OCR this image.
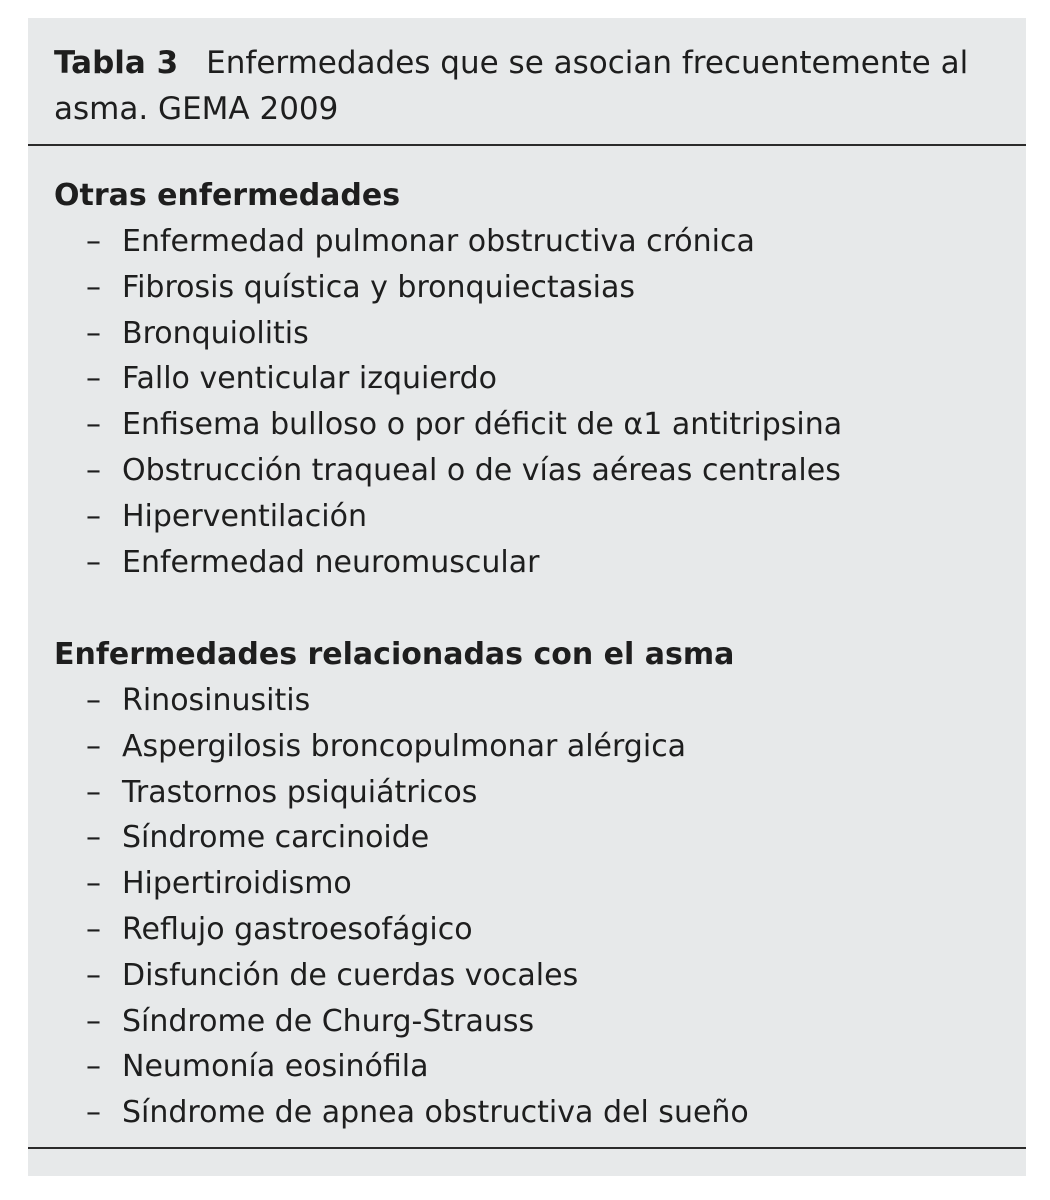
Tabla 3 Enfermedades que se asocian frecuentemente al asma. GEMA 2009
Otras enfermedades
– Enfermedad pulmonar obstructiva crónica
– Fibrosis quística y bronquiectasias
– Bronquiolitis
– Fallo venticular izquierdo
– Enfisema bulloso o por déficit de α1 antitripsina
– Obstrucción traqueal o de vías aéreas centrales
– Hiperventilación
– Enfermedad neuromuscular
Enfermedades relacionadas con el asma
– Rinosinusitis
– Aspergilosis broncopulmonar alérgica
– Trastornos psiquiátricos
– Síndrome carcinoide
– Hipertiroidismo
– Reflujo gastroesofágico
– Disfunción de cuerdas vocales
– Síndrome de Churg-Strauss
– Neumonía eosinófila
– Síndrome de apnea obstructiva del sueño
